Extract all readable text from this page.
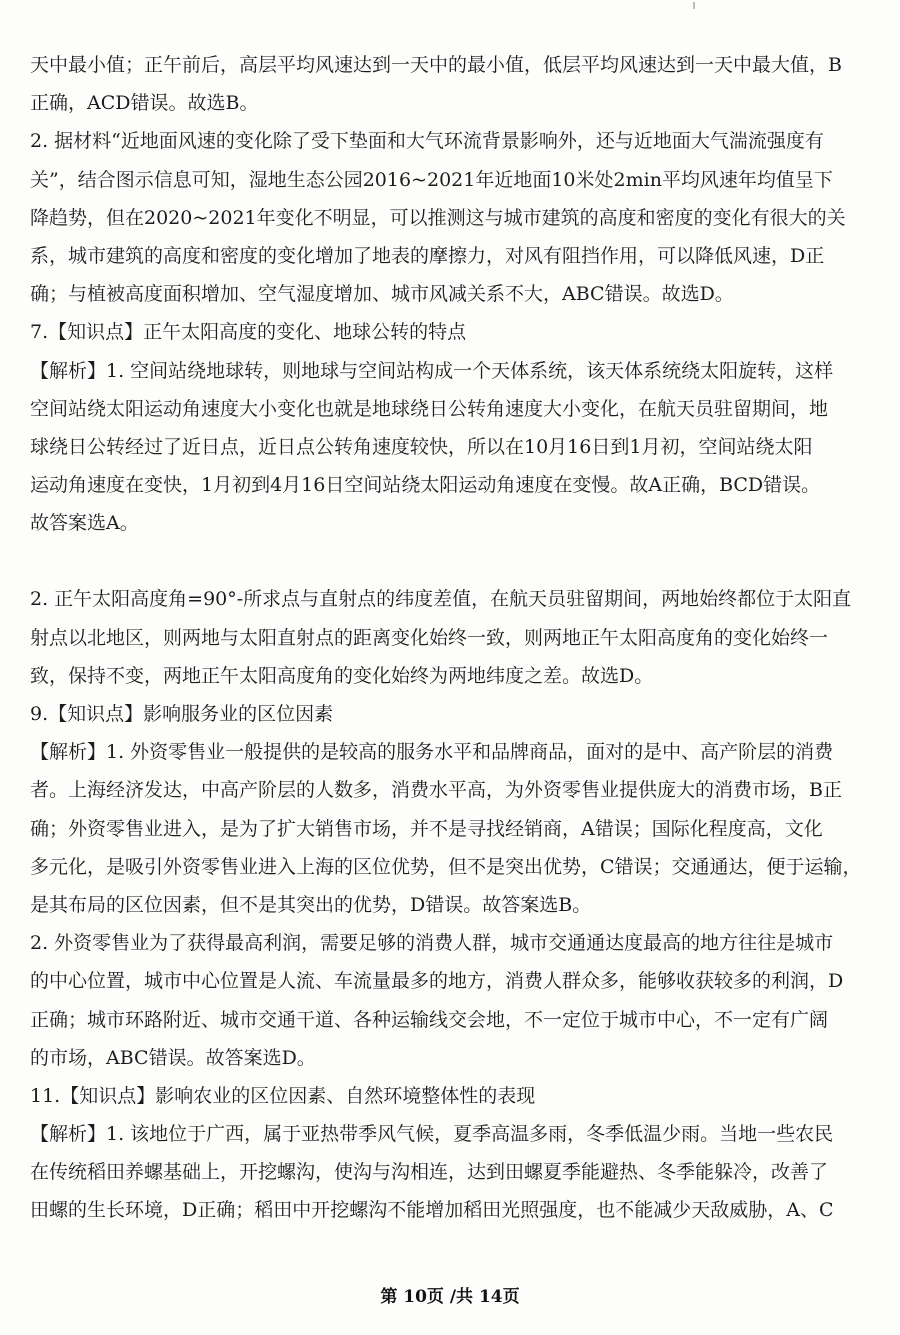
天中最小值；正午前后，高层平均风速达到一天中的最小值，低层平均风速达到一天中最大值，B
正确，ACD错误。故选B。
2. 据材料“近地面风速的变化除了受下垫面和大气环流背景影响外，还与近地面大气湍流强度有
关”，结合图示信息可知，湿地生态公园2016~2021年近地面10米处2min平均风速年均值呈下
降趋势，但在2020~2021年变化不明显，可以推测这与城市建筑的高度和密度的变化有很大的关
系，城市建筑的高度和密度的变化增加了地表的摩擦力，对风有阻挡作用，可以降低风速，D正
确；与植被高度面积增加、空气湿度增加、城市风减关系不大，ABC错误。故选D。
7.【知识点】正午太阳高度的变化、地球公转的特点
【解析】1. 空间站绕地球转，则地球与空间站构成一个天体系统，该天体系统绕太阳旋转，这样
空间站绕太阳运动角速度大小变化也就是地球绕日公转角速度大小变化，在航天员驻留期间，地
球绕日公转经过了近日点，近日点公转角速度较快，所以在10月16日到1月初，空间站绕太阳
运动角速度在变快，1月初到4月16日空间站绕太阳运动角速度在变慢。故A正确，BCD错误。
故答案选A。
2. 正午太阳高度角=90°-所求点与直射点的纬度差值，在航天员驻留期间，两地始终都位于太阳直
射点以北地区，则两地与太阳直射点的距离变化始终一致，则两地正午太阳高度角的变化始终一
致，保持不变，两地正午太阳高度角的变化始终为两地纬度之差。故选D。
9.【知识点】影响服务业的区位因素
【解析】1. 外资零售业一般提供的是较高的服务水平和品牌商品，面对的是中、高产阶层的消费
者。上海经济发达，中高产阶层的人数多，消费水平高，为外资零售业提供庞大的消费市场，B正
确；外资零售业进入，是为了扩大销售市场，并不是寻找经销商，A错误；国际化程度高，文化
多元化，是吸引外资零售业进入上海的区位优势，但不是突出优势，C错误；交通通达，便于运输，
是其布局的区位因素，但不是其突出的优势，D错误。故答案选B。
2. 外资零售业为了获得最高利润，需要足够的消费人群，城市交通通达度最高的地方往往是城市
的中心位置，城市中心位置是人流、车流量最多的地方，消费人群众多，能够收获较多的利润，D
正确；城市环路附近、城市交通干道、各种运输线交会地，不一定位于城市中心，不一定有广阔
的市场，ABC错误。故答案选D。
11.【知识点】影响农业的区位因素、自然环境整体性的表现
【解析】1. 该地位于广西，属于亚热带季风气候，夏季高温多雨，冬季低温少雨。当地一些农民
在传统稻田养螺基础上，开挖螺沟，使沟与沟相连，达到田螺夏季能避热、冬季能躲冷，改善了
田螺的生长环境，D正确；稻田中开挖螺沟不能增加稻田光照强度，也不能减少天敌威胁，A、C
第 10页 /共 14页
